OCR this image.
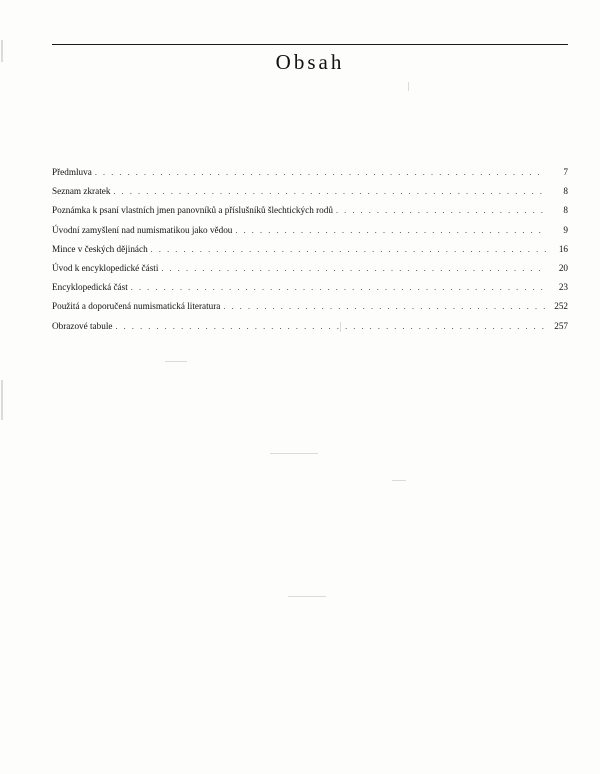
Obsah
Předmluva . . .	7
Seznam zkratek . . .	8
Poznámka k psaní vlastních jmen panovníků a příslušníků šlechtických rodů . . .	8
Úvodní zamyšlení nad numismatikou jako vědou . . .	9
Mince v českých dějinách . . .	16
Úvod k encyklopedické části . . .	20
Encyklopedická část . . .	23
Použitá a doporučená numismatická literatura . . .	252
Obrazové tabule . . .	257
